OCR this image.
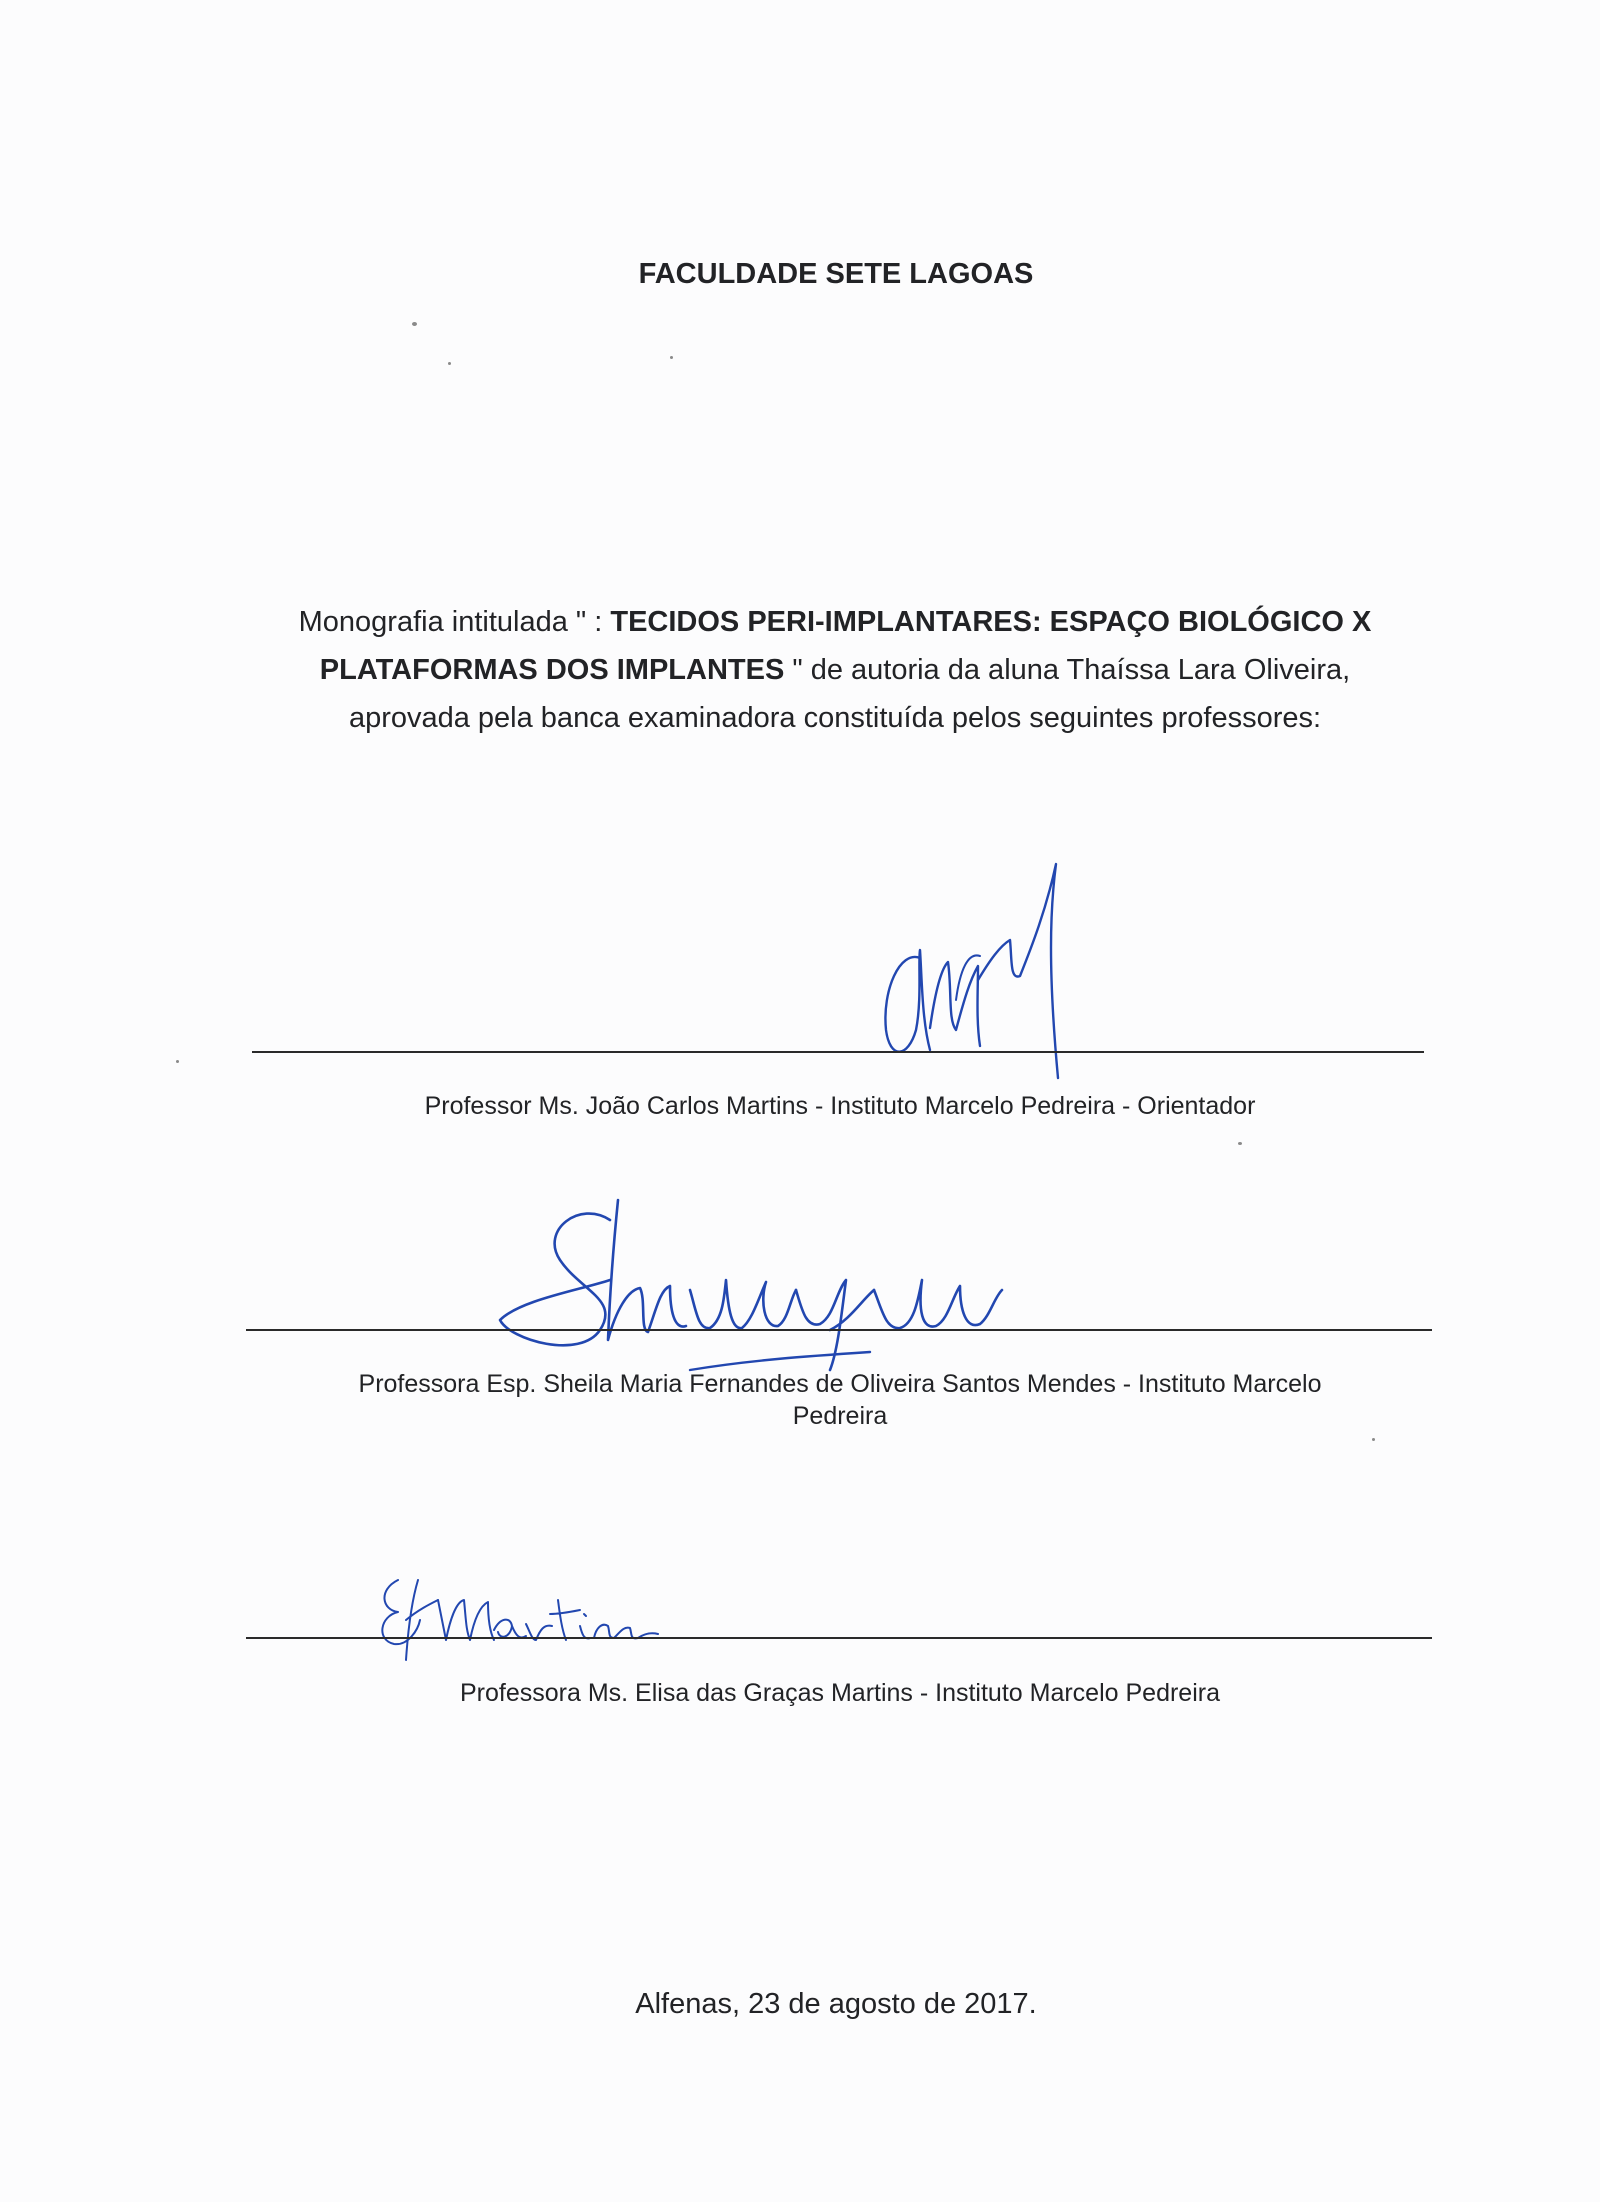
FACULDADE SETE LAGOAS
Monografia intitulada " : TECIDOS PERI-IMPLANTARES: ESPAÇO BIOLÓGICO X
PLATAFORMAS DOS IMPLANTES " de autoria da aluna Thaíssa Lara Oliveira,
aprovada pela banca examinadora constituída pelos seguintes professores:
Professor Ms. João Carlos Martins - Instituto Marcelo Pedreira - Orientador
Professora Esp. Sheila Maria Fernandes de Oliveira Santos Mendes - Instituto Marcelo
Pedreira
Professora Ms. Elisa das Graças Martins - Instituto Marcelo Pedreira
Alfenas, 23 de agosto de 2017.
